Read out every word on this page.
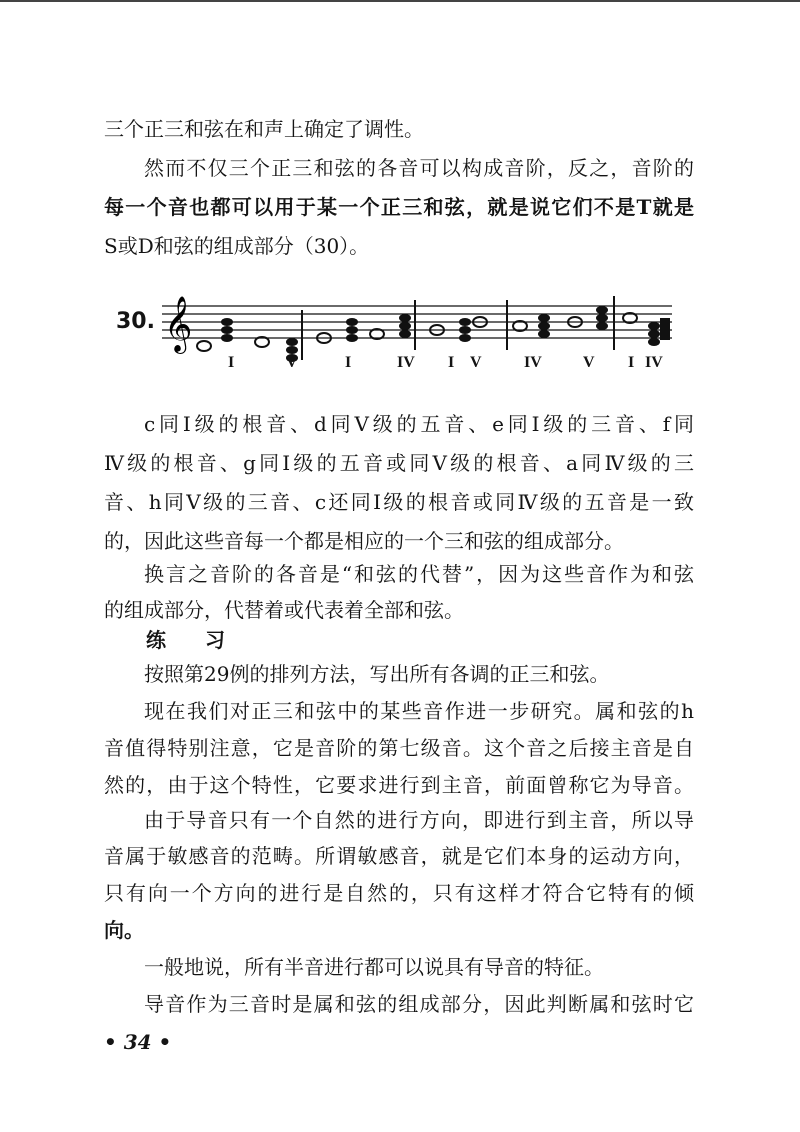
三个正三和弦在和声上确定了调性。
然而不仅三个正三和弦的各音可以构成音阶，反之，音阶的
每一个音也都可以用于某一个正三和弦，就是说它们不是T就是
S或D和弦的组成部分（30）。
30. 𝄞
I	V	I	IV I V	IV	V I IV
c同Ⅰ级的根音、d同Ⅴ级的五音、e同Ⅰ级的三音、f同
Ⅳ级的根音、g同Ⅰ级的五音或同Ⅴ级的根音、a同Ⅳ级的三
音、h同Ⅴ级的三音、c还同Ⅰ级的根音或同Ⅳ级的五音是一致
的，因此这些音每一个都是相应的一个三和弦的组成部分。
换言之音阶的各音是“和弦的代替”，因为这些音作为和弦
的组成部分，代替着或代表着全部和弦。
练 习
按照第29例的排列方法，写出所有各调的正三和弦。
现在我们对正三和弦中的某些音作进一步研究。属和弦的h
音值得特别注意，它是音阶的第七级音。这个音之后接主音是自
然的，由于这个特性，它要求进行到主音，前面曾称它为导音。
由于导音只有一个自然的进行方向，即进行到主音，所以导
音属于敏感音的范畴。所谓敏感音，就是它们本身的运动方向，
只有向一个方向的进行是自然的，只有这样才符合它特有的倾
向。
一般地说，所有半音进行都可以说具有导音的特征。
导音作为三音时是属和弦的组成部分，因此判断属和弦时它
• 34 •
